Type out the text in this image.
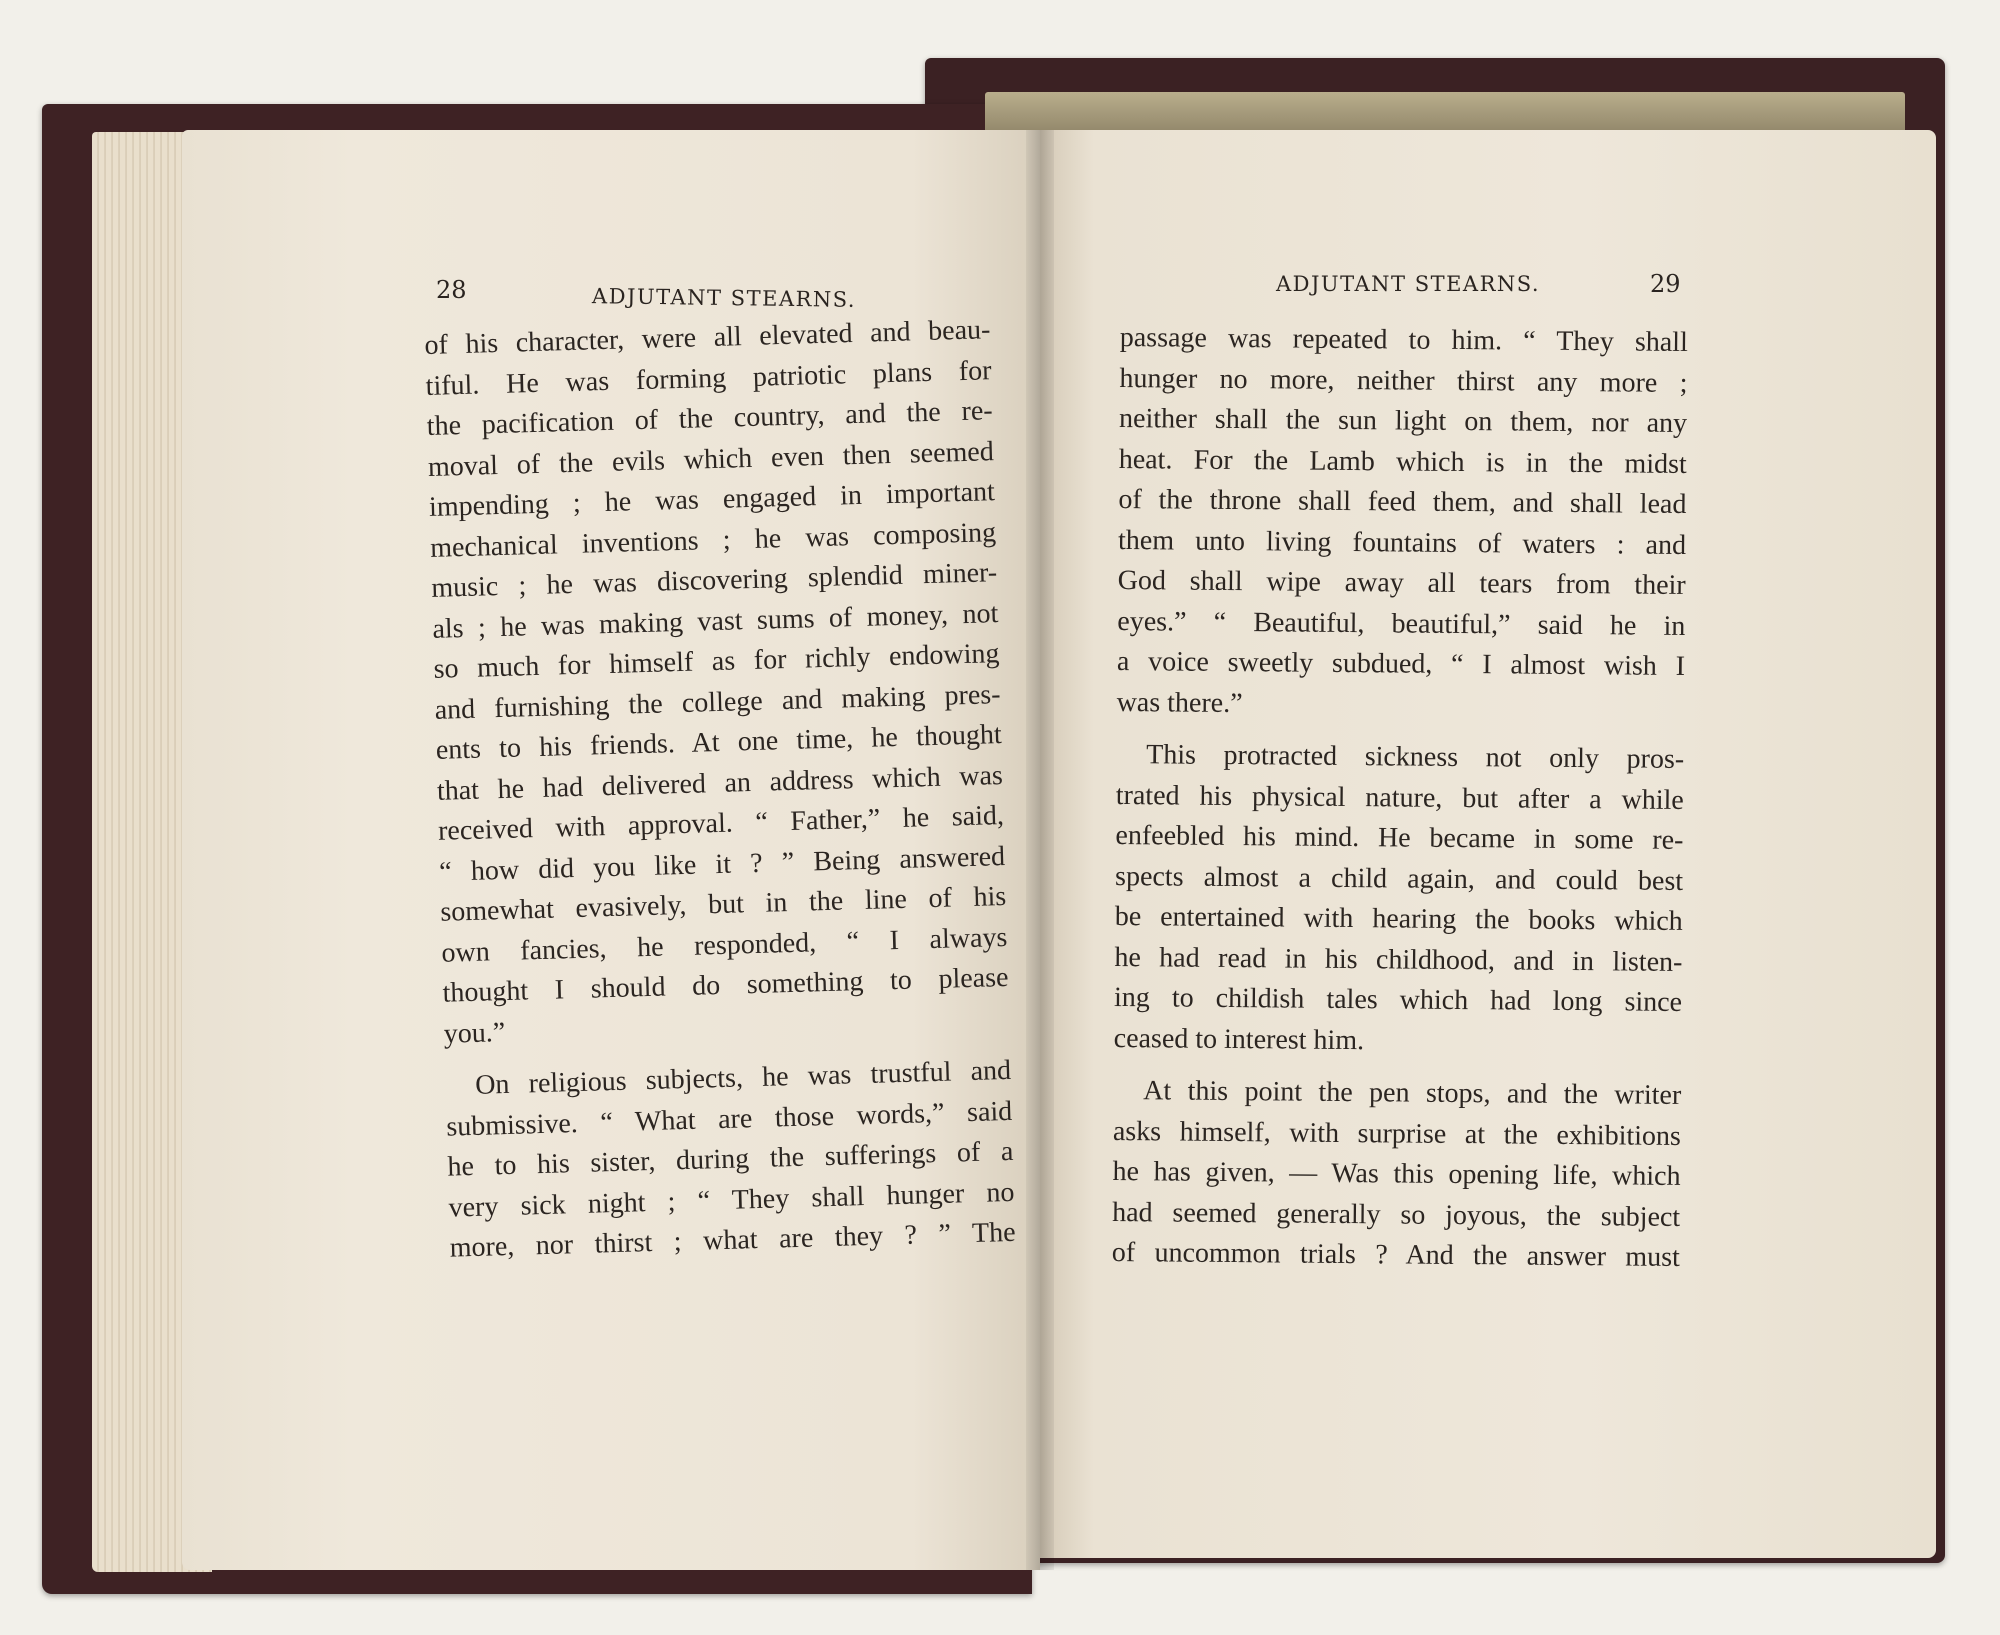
28	ADJUTANT STEARNS.
of his character, were all elevated and beau-
tiful. He was forming patriotic plans for
the pacification of the country, and the re-
moval of the evils which even then seemed
impending ; he was engaged in important
mechanical inventions ; he was composing
music ; he was discovering splendid miner-
als ; he was making vast sums of money, not
so much for himself as for richly endowing
and furnishing the college and making pres-
ents to his friends. At one time, he thought
that he had delivered an address which was
received with approval. “ Father,” he said,
“ how did you like it ? ” Being answered
somewhat evasively, but in the line of his
own fancies, he responded, “ I always
thought I should do something to please
you.”
On religious subjects, he was trustful and
submissive. “ What are those words,” said
he to his sister, during the sufferings of a
very sick night ; “ They shall hunger no
more, nor thirst ; what are they ? ” The
ADJUTANT STEARNS.	29
passage was repeated to him. “ They shall
hunger no more, neither thirst any more ;
neither shall the sun light on them, nor any
heat. For the Lamb which is in the midst
of the throne shall feed them, and shall lead
them unto living fountains of waters : and
God shall wipe away all tears from their
eyes.” “ Beautiful, beautiful,” said he in
a voice sweetly subdued, “ I almost wish I
was there.”
This protracted sickness not only pros-
trated his physical nature, but after a while
enfeebled his mind. He became in some re-
spects almost a child again, and could best
be entertained with hearing the books which
he had read in his childhood, and in listen-
ing to childish tales which had long since
ceased to interest him.
At this point the pen stops, and the writer
asks himself, with surprise at the exhibitions
he has given, — Was this opening life, which
had seemed generally so joyous, the subject
of uncommon trials ? And the answer must
